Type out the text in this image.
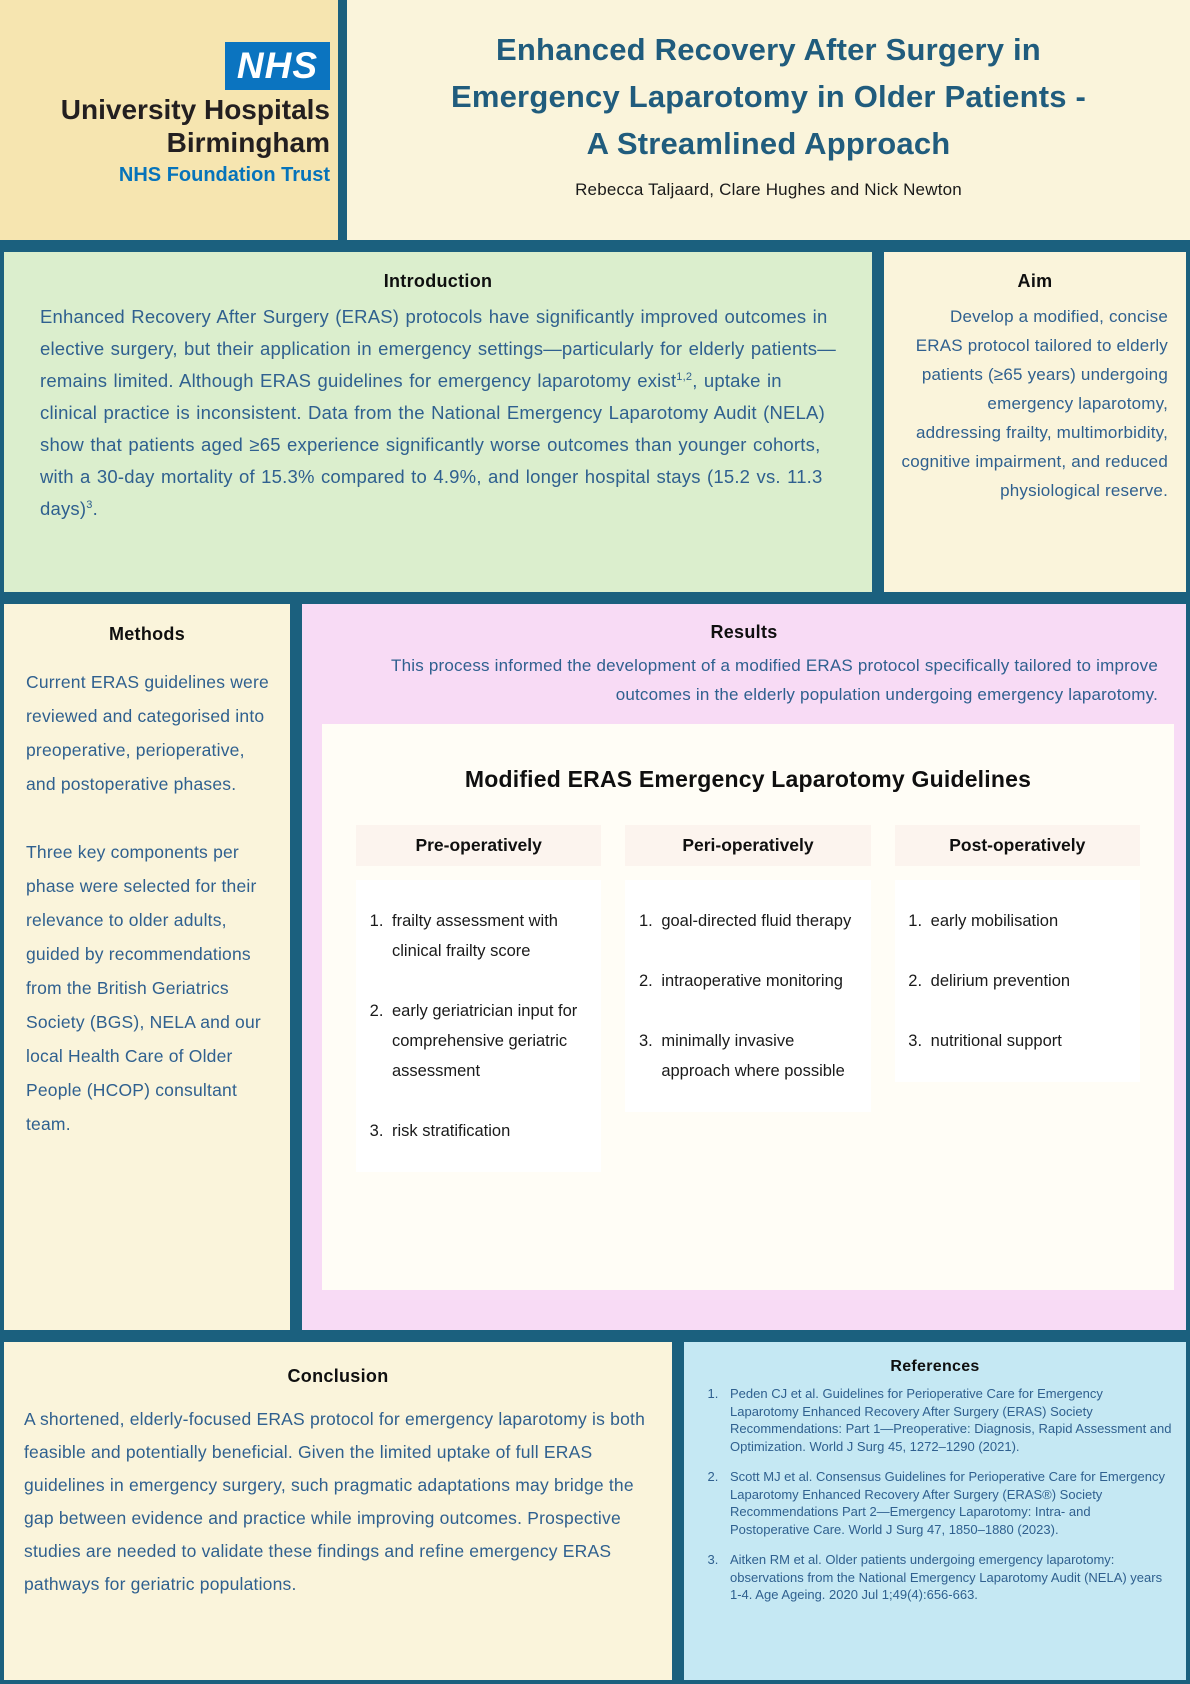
NHS
University Hospitals
Birmingham
NHS Foundation Trust
Enhanced Recovery After Surgery in
Emergency Laparotomy in Older Patients -
A Streamlined Approach
Rebecca Taljaard, Clare Hughes and Nick Newton
Introduction

Enhanced Recovery After Surgery (ERAS) protocols have significantly improved outcomes in elective surgery, but their application in emergency settings—particularly for elderly patients—remains limited. Although ERAS guidelines for emergency laparotomy exist$^{1,2}$, uptake in clinical practice is inconsistent. Data from the National Emergency Laparotomy Audit (NELA) show that patients aged ≥65 experience significantly worse outcomes than younger cohorts, with a 30-day mortality of 15.3% compared to 4.9%, and longer hospital stays (15.2 vs. 11.3 days)$^3$.

Aim

Develop a modified, concise ERAS protocol tailored to elderly patients (≥65 years) undergoing emergency laparotomy, addressing frailty, multimorbidity, cognitive impairment, and reduced physiological reserve.

Methods

Current ERAS guidelines were reviewed and categorised into preoperative, perioperative, and postoperative phases.

Three key components per phase were selected for their relevance to older adults, guided by recommendations from the British Geriatrics Society (BGS), NELA and our local Health Care of Older People (HCOP) consultant team.

Results

This process informed the development of a modified ERAS protocol specifically tailored to improve outcomes in the elderly population undergoing emergency laparotomy.

Modified ERAS Emergency Laparotomy Guidelines
Pre-operatively
1. frailty assessment with clinical frailty score
2. early geriatrician input for comprehensive geriatric assessment
3. risk stratification
Peri-operatively
1. goal-directed fluid therapy
2. intraoperative monitoring
3. minimally invasive approach where possible
Post-operatively
1. early mobilisation
2. delirium prevention
3. nutritional support
Conclusion

A shortened, elderly-focused ERAS protocol for emergency laparotomy is both feasible and potentially beneficial. Given the limited uptake of full ERAS guidelines in emergency surgery, such pragmatic adaptations may bridge the gap between evidence and practice while improving outcomes. Prospective studies are needed to validate these findings and refine emergency ERAS pathways for geriatric populations.

References
1. Peden CJ et al. Guidelines for Perioperative Care for Emergency Laparotomy Enhanced Recovery After Surgery (ERAS) Society Recommendations: Part 1—Preoperative: Diagnosis, Rapid Assessment and Optimization. World J Surg 45, 1272–1290 (2021).
2. Scott MJ et al. Consensus Guidelines for Perioperative Care for Emergency Laparotomy Enhanced Recovery After Surgery (ERAS®) Society Recommendations Part 2—Emergency Laparotomy: Intra- and Postoperative Care. World J Surg 47, 1850–1880 (2023).
3. Aitken RM et al. Older patients undergoing emergency laparotomy: observations from the National Emergency Laparotomy Audit (NELA) years 1-4. Age Ageing. 2020 Jul 1;49(4):656-663.
